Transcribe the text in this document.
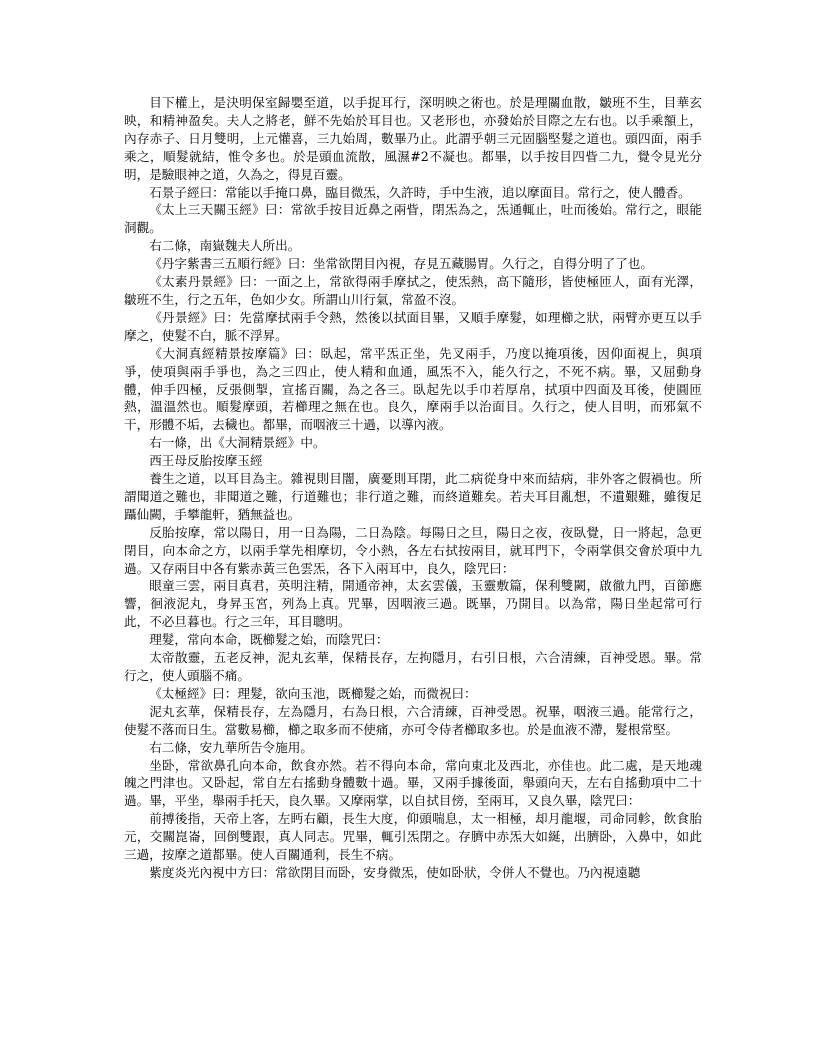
目下權上，是決明保室歸嬰至道，以手捉耳行，深明映之術也。於是理關血散，皺班不生，目華玄映，和精神盈矣。夫人之將老，鮮不先始於耳目也。又老形也，亦發始於目際之左右也。以手乘額上，內存赤子、日月雙明，上元懽喜，三九始周，數畢乃止。此謂乎朝三元固腦堅髮之道也。頭四面，兩手乘之，順髮就結，惟令多也。於是頭血流散，風濕#2不凝也。都畢，以手按目四眥二九，覺令見光分明，是驗眼神之道，久為之，得見百靈。

石景子經曰：常能以手掩口鼻，臨目微炁，久許時，手中生液，追以摩面目。常行之，使人體香。

《太上三天關玉經》曰：常欲手按目近鼻之兩眥，閉炁為之，炁通輒止，吐而後始。常行之，眼能洞觀。

右二條，南嶽魏夫人所出。

《丹字紫書三五順行經》曰：坐常欲閉目內視，存見五藏腸胃。久行之，自得分明了了也。

《太素丹景經》曰：一面之上，常欲得兩手摩拭之，使炁熱，高下隨形，皆使極匝人，面有光澤，皺班不生，行之五年，色如少女。所謂山川行氣，常盈不沒。

《丹景經》曰：先當摩拭兩手令熱，然後以拭面目畢，又順手摩髮，如理櫛之狀，兩臂亦更互以手摩之，使髮不白，脈不浮昇。

《大洞真經精景按摩篇》曰：臥起，常平炁正坐，先叉兩手，乃度以掩項後，因仰面視上，與項爭，使項與兩手爭也，為之三四止，使人精和血通，風炁不入，能久行之，不死不病。畢，又屈動身體，伸手四極，反張側掣，宣搖百關，為之各三。臥起先以手巾若厚帛，拭項中四面及耳後，使圓匝熱，溫溫然也。順髮摩頭，若櫛理之無在也。良久，摩兩手以治面目。久行之，使人目明，而邪氣不干，形體不垢，去穢也。都畢，而咽液三十過，以導內液。

右一條，出《大洞精景經》中。

西王母反胎按摩玉經

養生之道，以耳目為主。雜視則目闇，廣憂則耳閉，此二病從身中來而結病，非外客之假禍也。所謂聞道之難也，非聞道之難，行道難也；非行道之難，而終道難矣。若夫耳目亂想，不遺艱難，雖復足躡仙闕，手攀龍軒，猶無益也。

反胎按摩，常以陽日，用一日為陽，二日為陰。每陽日之旦，陽日之夜，夜臥覺，日一將起，急更閉目，向本命之方，以兩手掌先相摩切，令小熱，各左右拭按兩目，就耳門下，令兩掌俱交會於項中九過。又存兩目中各有紫赤黃三色雲炁，各下入兩耳中，良久，陰咒曰：

眼童三雲，兩目真君，英明注精，開通帝神，太玄雲儀，玉靈敷篇，保利雙闕，啟徹九門，百節應響，徊液泥丸，身昇玉宮，列為上真。咒畢，因咽液三過。既畢，乃開目。以為常，陽日坐起常可行此，不必旦暮也。行之三年，耳目聰明。

理髮，常向本命，既櫛髮之始，而陰咒曰：

太帝散靈，五老反神，泥丸玄華，保精長存，左拘隱月，右引日根，六合清練，百神受恩。畢。常行之，使人頭腦不痛。

《太極經》曰：理髮，欲向玉池，既櫛髮之始，而微祝曰：

泥丸玄華，保精長存，左為隱月，右為日根，六合清練，百神受恩。祝畢，咽液三過。能常行之，使髮不落而日生。當數易櫛，櫛之取多而不使痛，亦可令侍者櫛取多也。於是血液不滯，髮根常堅。

右二條，安九華所告令施用。

坐卧，常欲鼻孔向本命，飲食亦然。若不得向本命，常向東北及西北，亦佳也。此二處，是天地魂魄之門津也。又卧起，常自左右搖動身體數十過。畢，又兩手據後面，舉頭向天，左右自搖動項中二十過。畢，平坐，舉兩手托天，良久畢。又摩兩掌，以自拭目傍，至兩耳，又良久畢，陰咒曰：

前搏後指，天帝上客，左眄右顧，長生大度，仰頭喘息，太一相極，却月龍堰，司命同軫，飲食胎元，交關崑崙，回倒雙跟，真人同志。咒畢，輒引炁閉之。存臍中赤炁大如綖，出臍卧，入鼻中，如此三過，按摩之道都畢。使人百關通利，長生不病。

紫度炎光內視中方曰：常欲閉目而卧，安身微炁，使如卧狀，令併人不覺也。乃內視遠聽
